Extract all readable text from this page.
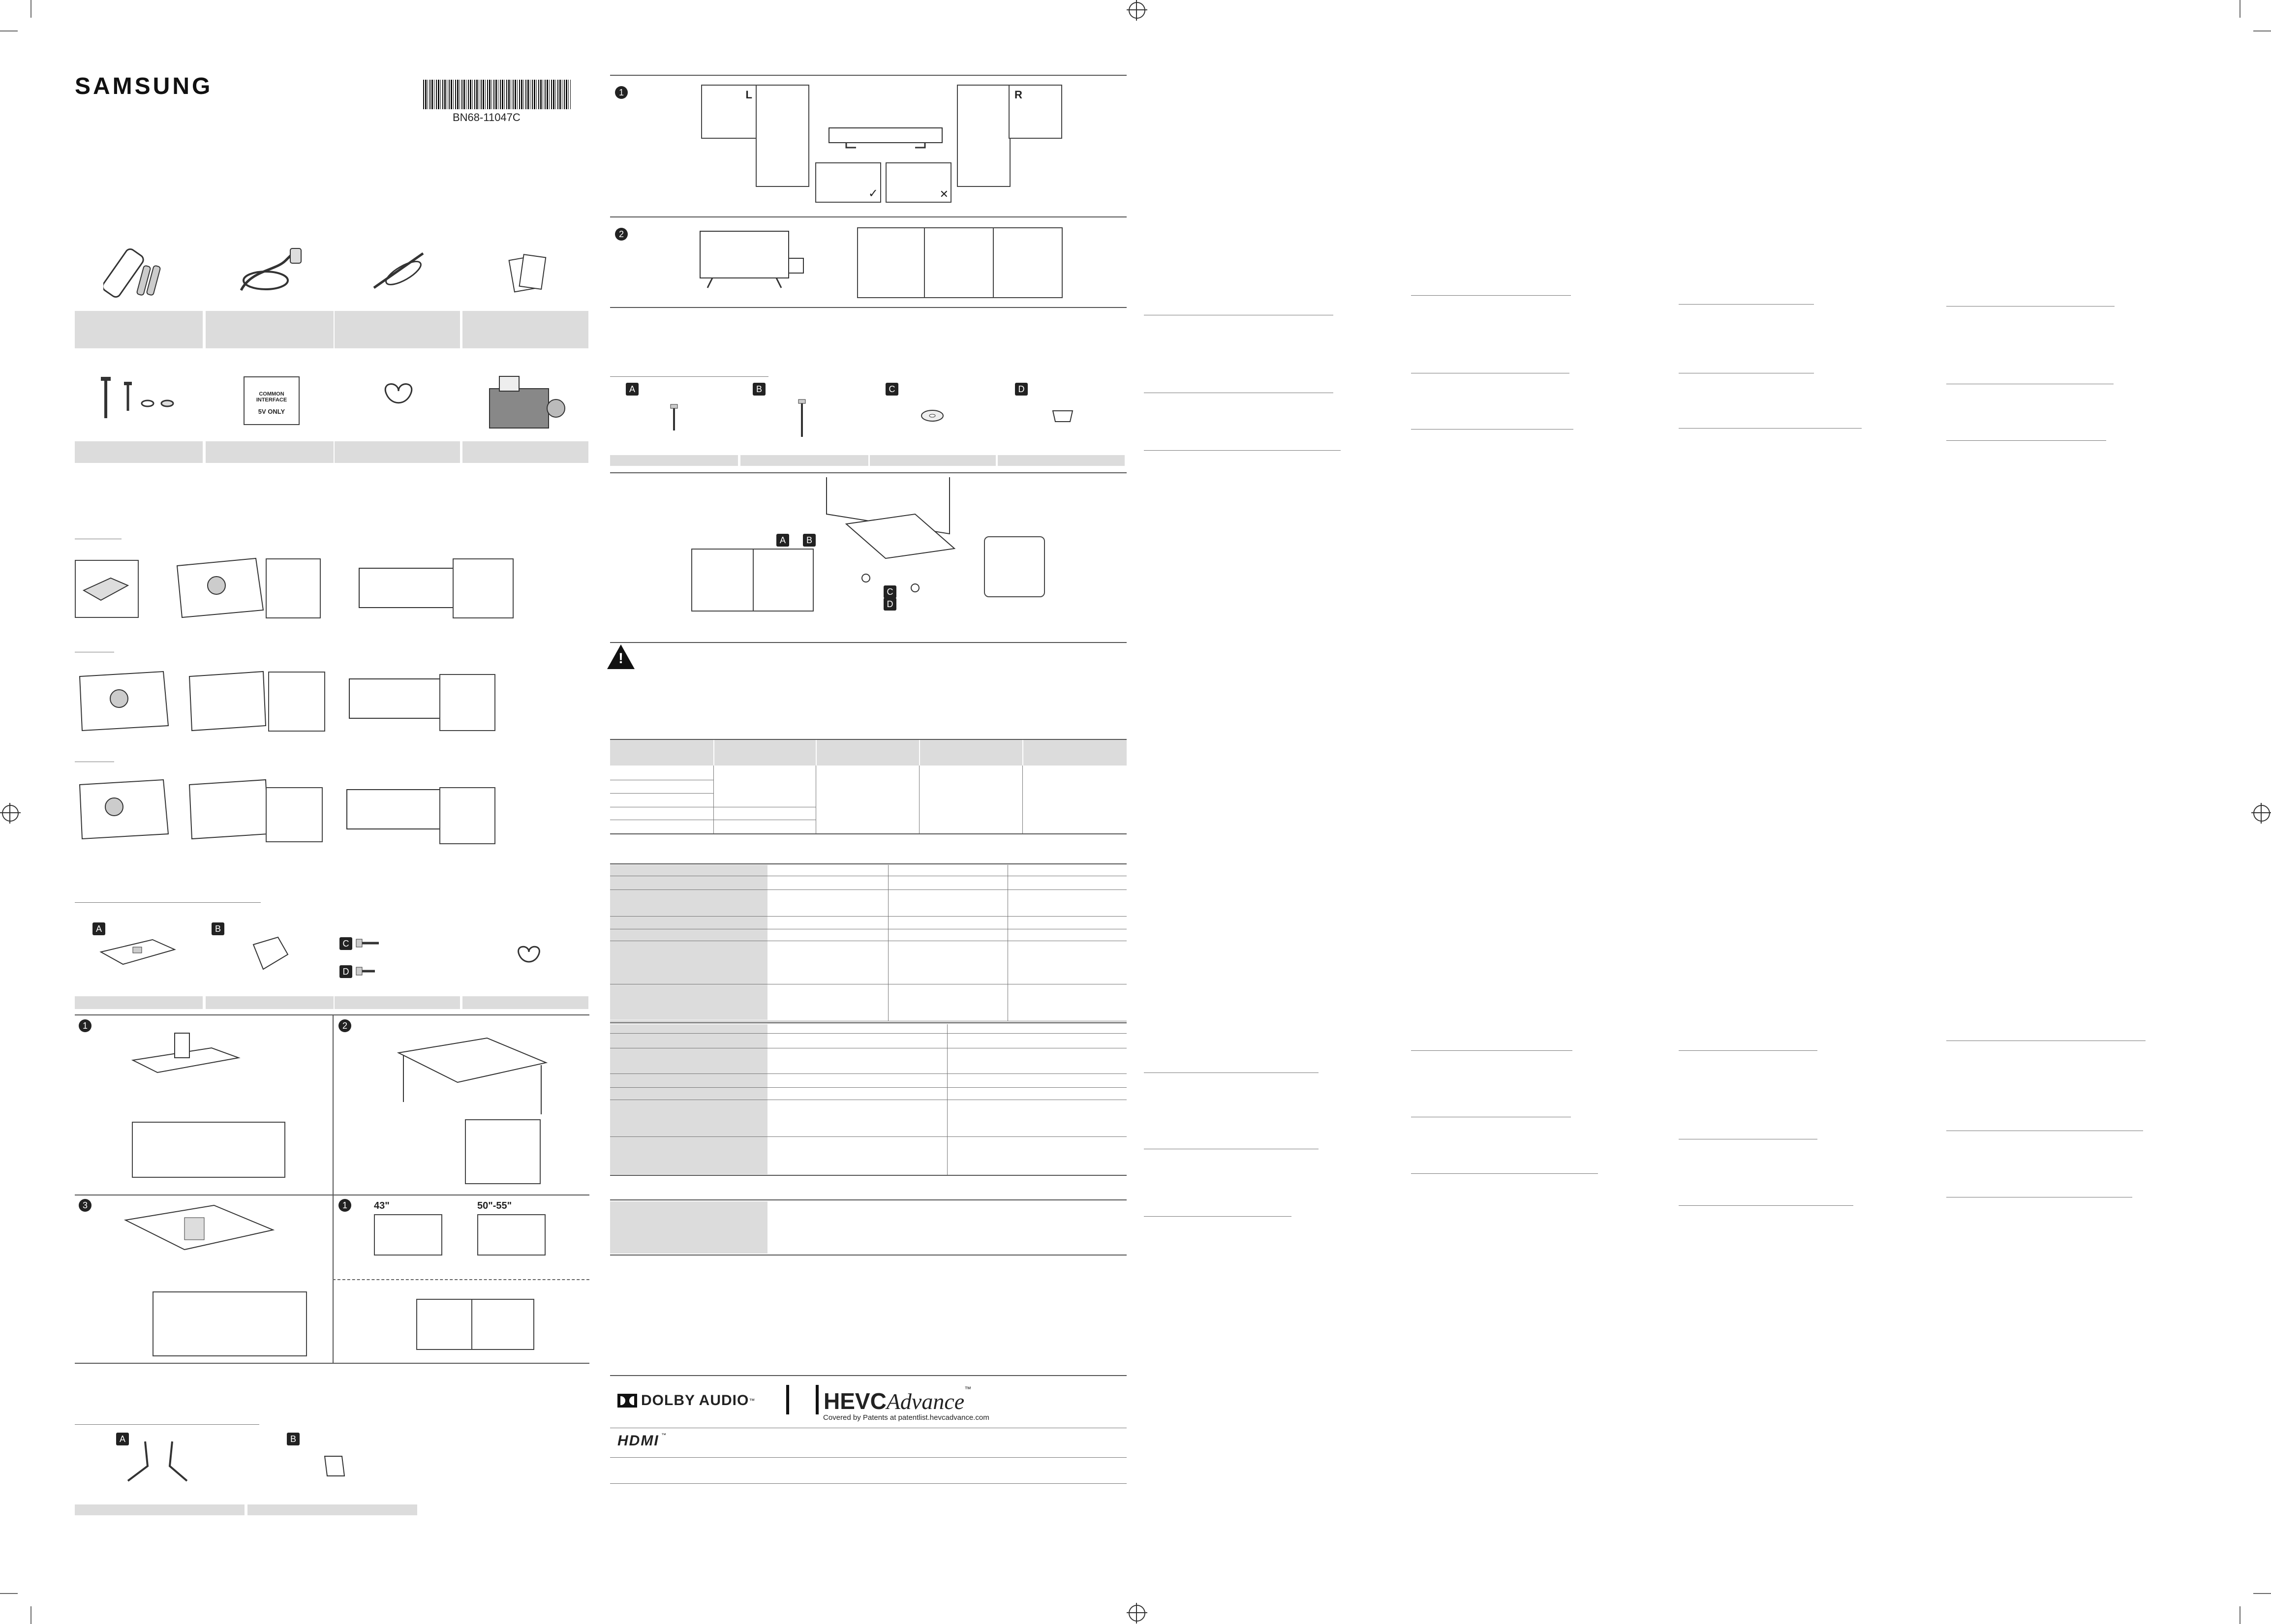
SAMSUNG
BN68-11047C
COMMON INTERFACE
5V ONLY
A	B
C
D
1	2
3	1	43"	50"-55"
A	B
1	L
✓	✕
R
2
A	B	C	D
A	B
C
D
!
DOLBY AUDIO ™	HEVC Advance ™
Covered by Patents at patentlist.hevcadvance.com
HDMI ™
